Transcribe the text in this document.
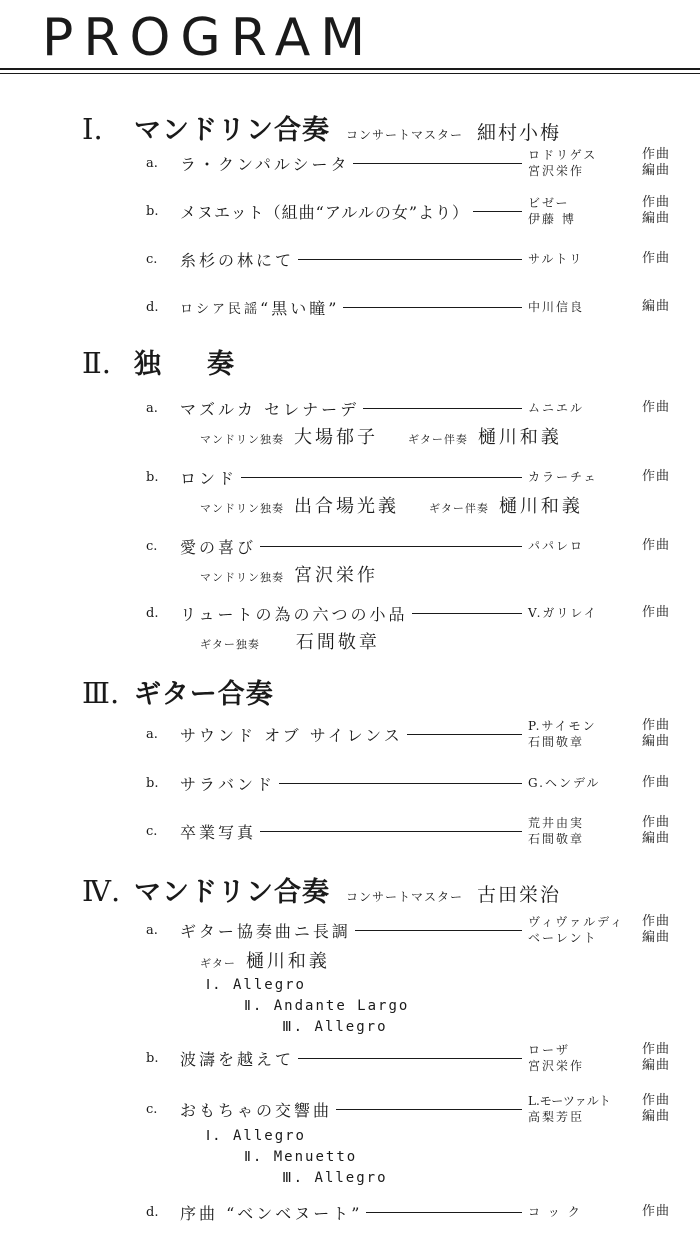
PROGRAM
Ⅰ.	マンドリン合奏 コンサートマスター 細村小梅
a.	ラ・クンパルシータ	ロドリゲス	作曲
宮沢栄作	編曲
b.	メヌエット（組曲“アルルの女”より）	ビゼー	作曲
伊藤 博	編曲
c.	糸杉の林にて	サルトリ	作曲
d.	ロシア民謡 “黒い瞳”	中川信良	編曲
Ⅱ. 独奏
a.	マズルカ セレナーデ	ムニエル	作曲
マンドリン独奏 大場郁子	ギター伴奏 樋川和義
b.	ロンド	カラーチェ	作曲
マンドリン独奏 出合場光義	ギター伴奏 樋川和義
c.	愛の喜び	パパレロ	作曲
マンドリン独奏 宮沢栄作
d.	リュートの為の六つの小品	V.ガリレイ	作曲
ギター独奏 石間敬章
Ⅲ. ギター合奏
a.	サウンド オブ サイレンス	P.サイモン	作曲
石間敬章	編曲
b.	サラバンド	G.ヘンデル	作曲
c.	卒業写真	荒井由実	作曲
石間敬章	編曲
Ⅳ. マンドリン合奏 コンサートマスター 古田栄治
a.	ギター協奏曲ニ長調	ヴィヴァルディ 作曲
ベーレント	編曲
ギター 樋川和義
Ⅰ. Allegro
Ⅱ. Andante Largo
Ⅲ. Allegro
b.	波濤を越えて	ローザ	作曲
宮沢栄作	編曲
c.	おもちゃの交響曲	L.モーツァルト 作曲
高梨芳臣	編曲
Ⅰ. Allegro
Ⅱ. Menuetto
Ⅲ. Allegro
d.	序曲 “ベンベヌート”	コック	作曲
